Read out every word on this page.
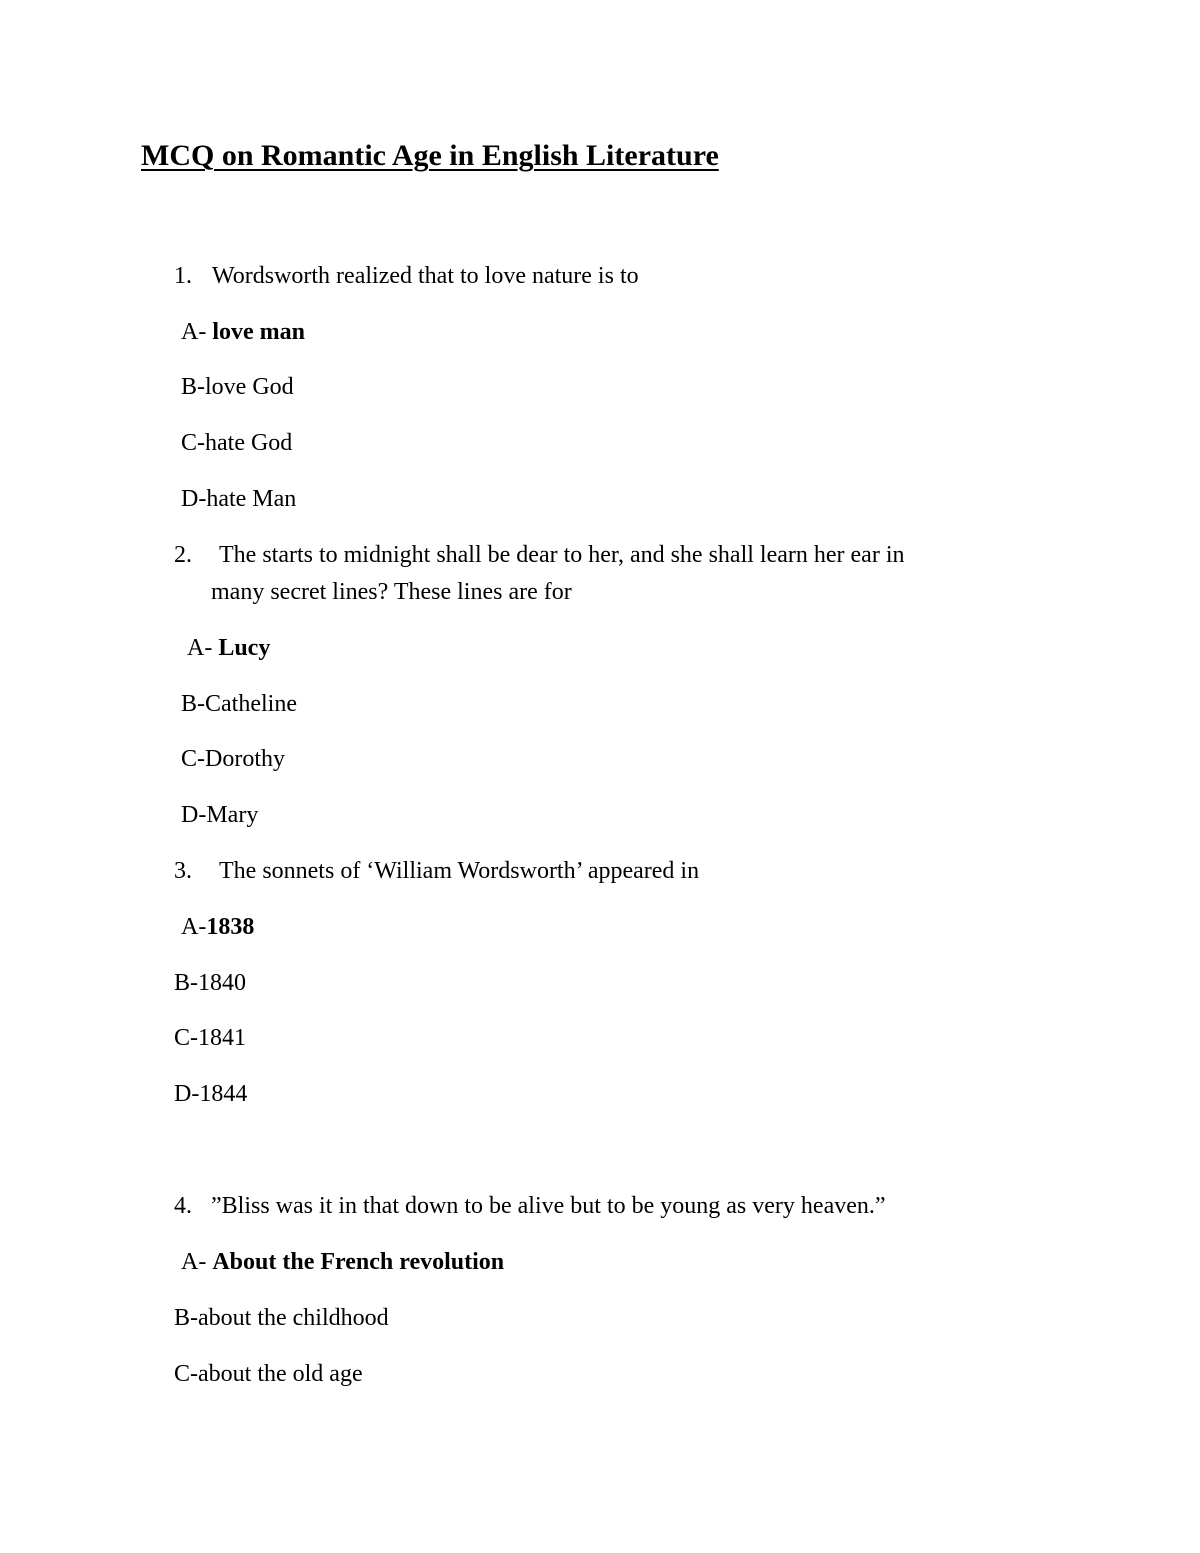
MCQ on Romantic Age in English Literature
1. Wordsworth realized that to love nature is to
A- love man
B-love God
C-hate God
D-hate Man
2. The starts to midnight shall be dear to her, and she shall learn her ear in
many secret lines? These lines are for
A- Lucy
B-Catheline
C-Dorothy
D-Mary
3. The sonnets of ‘William Wordsworth’ appeared in
A-1838
B-1840
C-1841
D-1844
4. ”Bliss was it in that down to be alive but to be young as very heaven.”
A- About the French revolution
B-about the childhood
C-about the old age
